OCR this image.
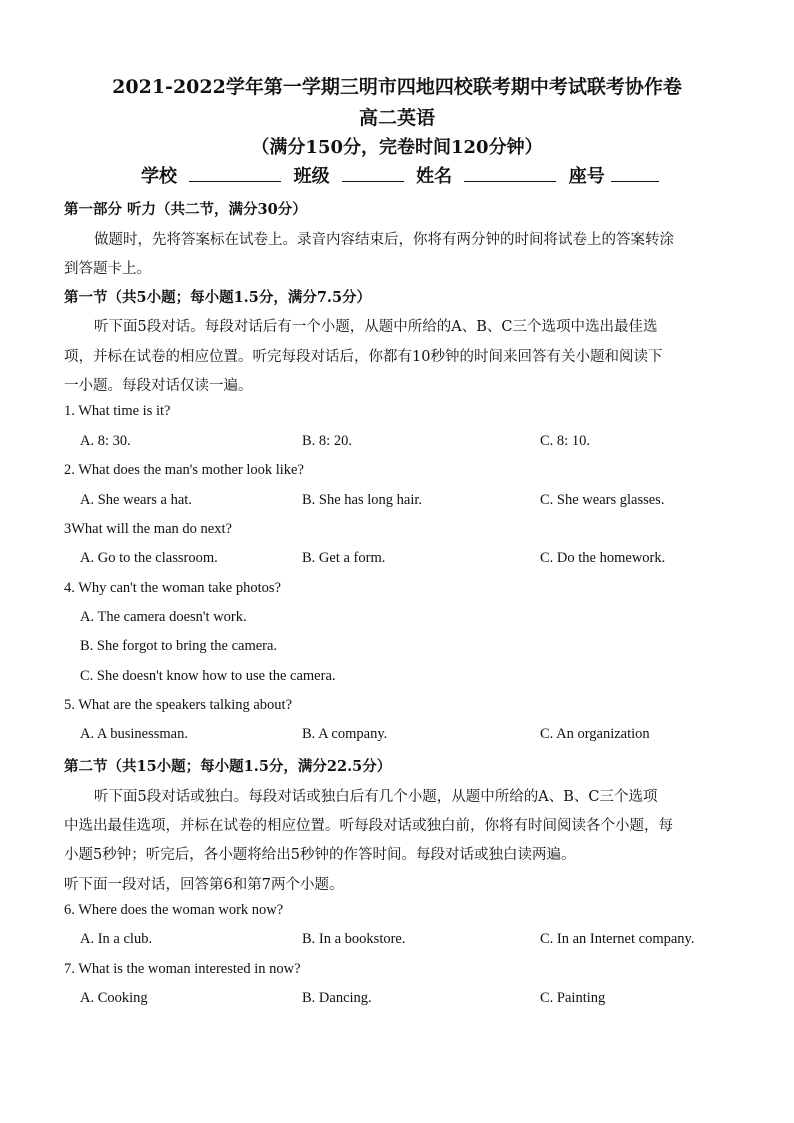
2021-2022学年第一学期三明市四地四校联考期中考试联考协作卷
高二英语
（满分150分，完卷时间120分钟）
学校	班级	姓名	座号
第一部分 听力（共二节，满分30分）
做题时，先将答案标在试卷上。录音内容结束后，你将有两分钟的时间将试卷上的答案转涂
到答题卡上。
第一节（共5小题；每小题1.5分，满分7.5分）
听下面5段对话。每段对话后有一个小题，从题中所给的A、B、C三个选项中选出最佳选
项，并标在试卷的相应位置。听完每段对话后，你都有10秒钟的时间来回答有关小题和阅读下
一小题。每段对话仅读一遍。
1. What time is it?
A. 8: 30.	B. 8: 20.	C. 8: 10.
2. What does the man's mother look like?
A. She wears a hat.	B. She has long hair.	C. She wears glasses.
3What will the man do next?
A. Go to the classroom.	B. Get a form.	C. Do the homework.
4. Why can't the woman take photos?
A. The camera doesn't work.
B. She forgot to bring the camera.
C. She doesn't know how to use the camera.
5. What are the speakers talking about?
A. A businessman.	B. A company.	C. An organization
第二节（共15小题；每小题1.5分，满分22.5分）
听下面5段对话或独白。每段对话或独白后有几个小题，从题中所给的A、B、C三个选项
中选出最佳选项，并标在试卷的相应位置。听每段对话或独白前，你将有时间阅读各个小题，每
小题5秒钟；听完后，各小题将给出5秒钟的作答时间。每段对话或独白读两遍。
听下面一段对话，回答第6和第7两个小题。
6. Where does the woman work now?
A. In a club.	B. In a bookstore.	C. In an Internet company.
7. What is the woman interested in now?
A. Cooking	B. Dancing.	C. Painting
